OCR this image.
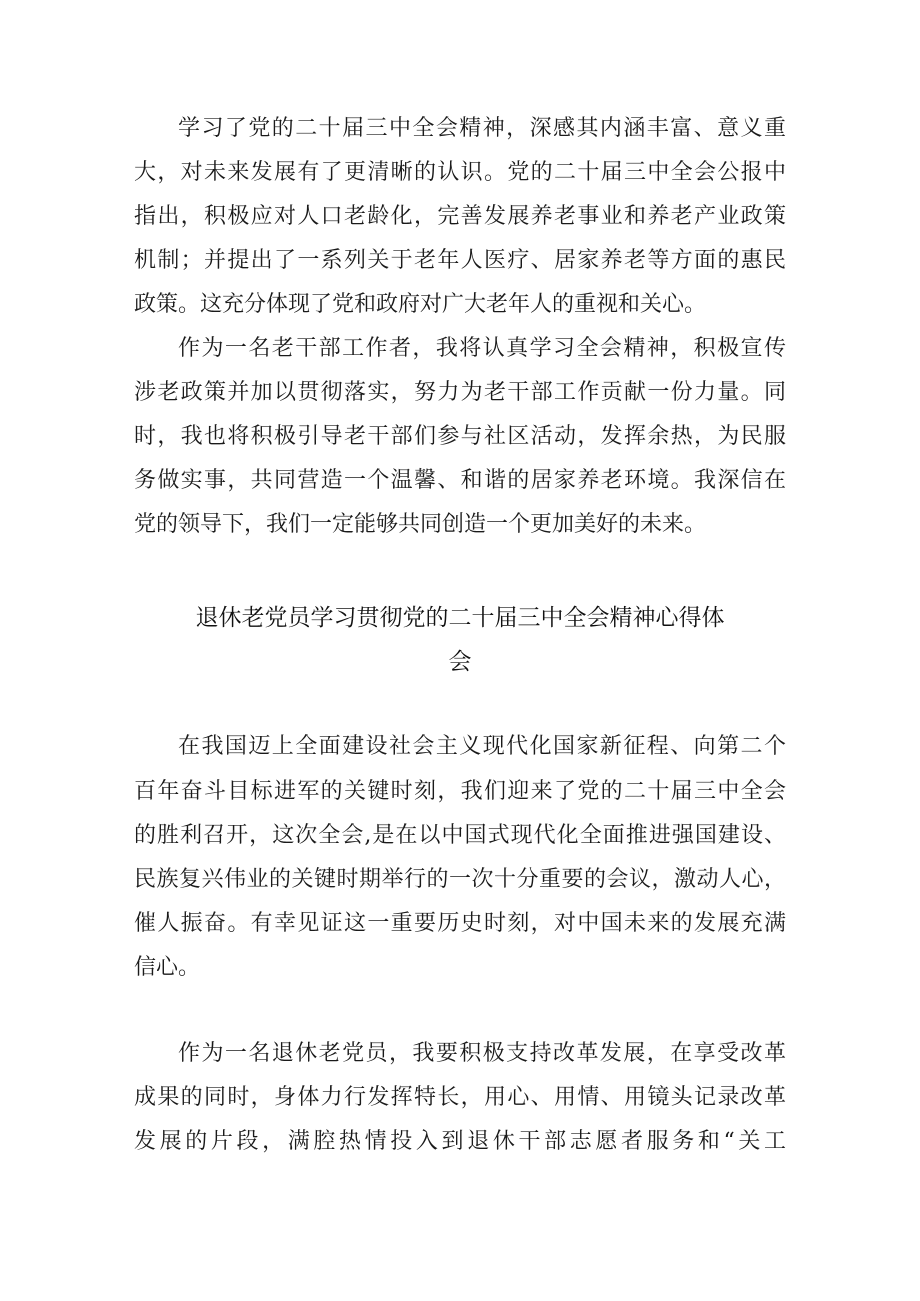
学习了党的二十届三中全会精神，深感其内涵丰富、意义重
大，对未来发展有了更清晰的认识。党的二十届三中全会公报中
指出，积极应对人口老龄化，完善发展养老事业和养老产业政策
机制；并提出了一系列关于老年人医疗、居家养老等方面的惠民
政策。这充分体现了党和政府对广大老年人的重视和关心。
作为一名老干部工作者，我将认真学习全会精神，积极宣传
涉老政策并加以贯彻落实，努力为老干部工作贡献一份力量。同
时，我也将积极引导老干部们参与社区活动，发挥余热，为民服
务做实事，共同营造一个温馨、和谐的居家养老环境。我深信在
党的领导下，我们一定能够共同创造一个更加美好的未来。
退休老党员学习贯彻党的二十届三中全会精神心得体
会
在我国迈上全面建设社会主义现代化国家新征程、向第二个
百年奋斗目标进军的关键时刻，我们迎来了党的二十届三中全会
的胜利召开，这次全会,是在以中国式现代化全面推进强国建设、
民族复兴伟业的关键时期举行的一次十分重要的会议，激动人心，
催人振奋。有幸见证这一重要历史时刻，对中国未来的发展充满
信心。
作为一名退休老党员，我要积极支持改革发展，在享受改革
成果的同时，身体力行发挥特长，用心、用情、用镜头记录改革
发展的片段，满腔热情投入到退休干部志愿者服务和“关工
